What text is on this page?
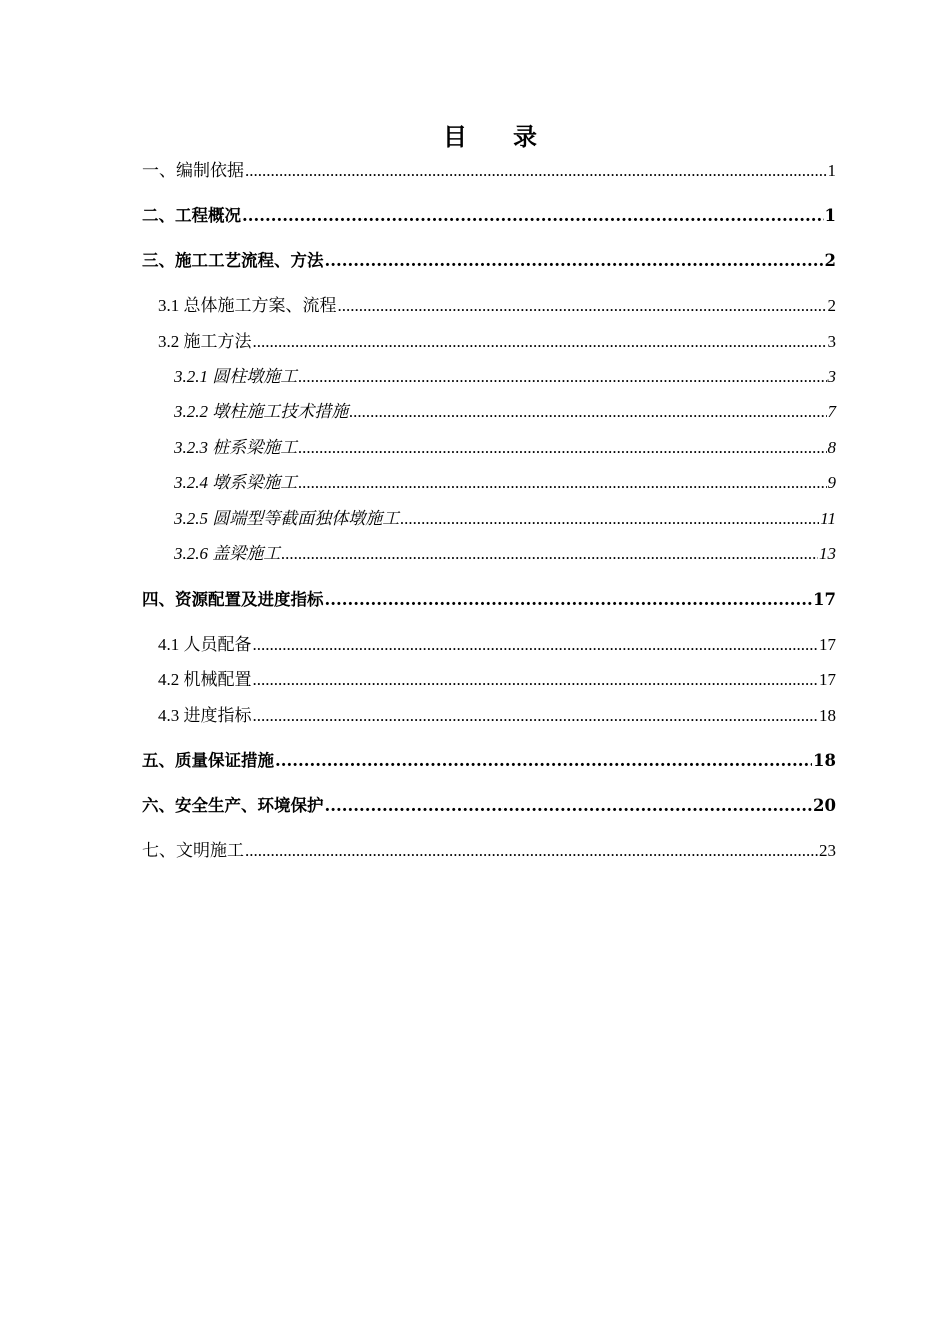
目 录
一、编制依据 .....	1
二、工程概况 .....	1
三、施工工艺流程、方法 .....	2
3.1 总体施工方案、流程 .....	2
3.2 施工方法 .....	3
3.2.1 圆柱墩施工 .....	3
3.2.2 墩柱施工技术措施 .....	7
3.2.3 桩系梁施工 .....	8
3.2.4 墩系梁施工 .....	9
3.2.5 圆端型等截面独体墩施工 .....	11
3.2.6 盖梁施工 .....	13
四、资源配置及进度指标 .....	17
4.1 人员配备 .....	17
4.2 机械配置 .....	17
4.3 进度指标 .....	18
五、质量保证措施 .....	18
六、安全生产、环境保护 .....	20
七、文明施工 .....	23
